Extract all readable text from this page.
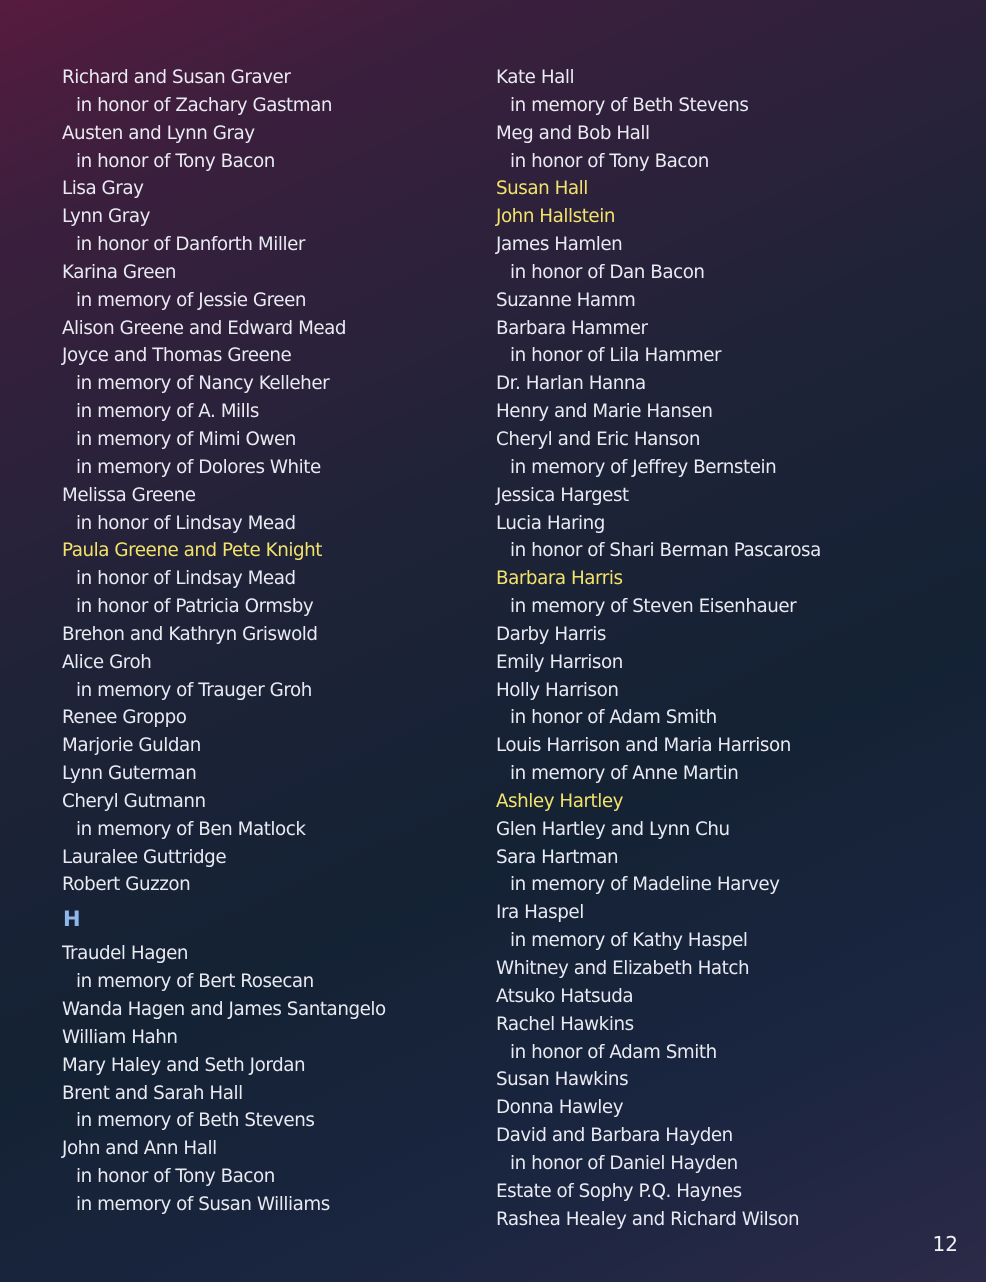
Richard and Susan Graver
in honor of Zachary Gastman
Austen and Lynn Gray
in honor of Tony Bacon
Lisa Gray
Lynn Gray
in honor of Danforth Miller
Karina Green
in memory of Jessie Green
Alison Greene and Edward Mead
Joyce and Thomas Greene
in memory of Nancy Kelleher
in memory of A. Mills
in memory of Mimi Owen
in memory of Dolores White
Melissa Greene
in honor of Lindsay Mead
Paula Greene and Pete Knight
in honor of Lindsay Mead
in honor of Patricia Ormsby
Brehon and Kathryn Griswold
Alice Groh
in memory of Trauger Groh
Renee Groppo
Marjorie Guldan
Lynn Guterman
Cheryl Gutmann
in memory of Ben Matlock
Lauralee Guttridge
Robert Guzzon
H
Traudel Hagen
in memory of Bert Rosecan
Wanda Hagen and James Santangelo
William Hahn
Mary Haley and Seth Jordan
Brent and Sarah Hall
in memory of Beth Stevens
John and Ann Hall
in honor of Tony Bacon
in memory of Susan Williams
Kate Hall
in memory of Beth Stevens
Meg and Bob Hall
in honor of Tony Bacon
Susan Hall
John Hallstein
James Hamlen
in honor of Dan Bacon
Suzanne Hamm
Barbara Hammer
in honor of Lila Hammer
Dr. Harlan Hanna
Henry and Marie Hansen
Cheryl and Eric Hanson
in memory of Jeffrey Bernstein
Jessica Hargest
Lucia Haring
in honor of Shari Berman Pascarosa
Barbara Harris
in memory of Steven Eisenhauer
Darby Harris
Emily Harrison
Holly Harrison
in honor of Adam Smith
Louis Harrison and Maria Harrison
in memory of Anne Martin
Ashley Hartley
Glen Hartley and Lynn Chu
Sara Hartman
in memory of Madeline Harvey
Ira Haspel
in memory of Kathy Haspel
Whitney and Elizabeth Hatch
Atsuko Hatsuda
Rachel Hawkins
in honor of Adam Smith
Susan Hawkins
Donna Hawley
David and Barbara Hayden
in honor of Daniel Hayden
Estate of Sophy P.Q. Haynes
Rashea Healey and Richard Wilson
12
